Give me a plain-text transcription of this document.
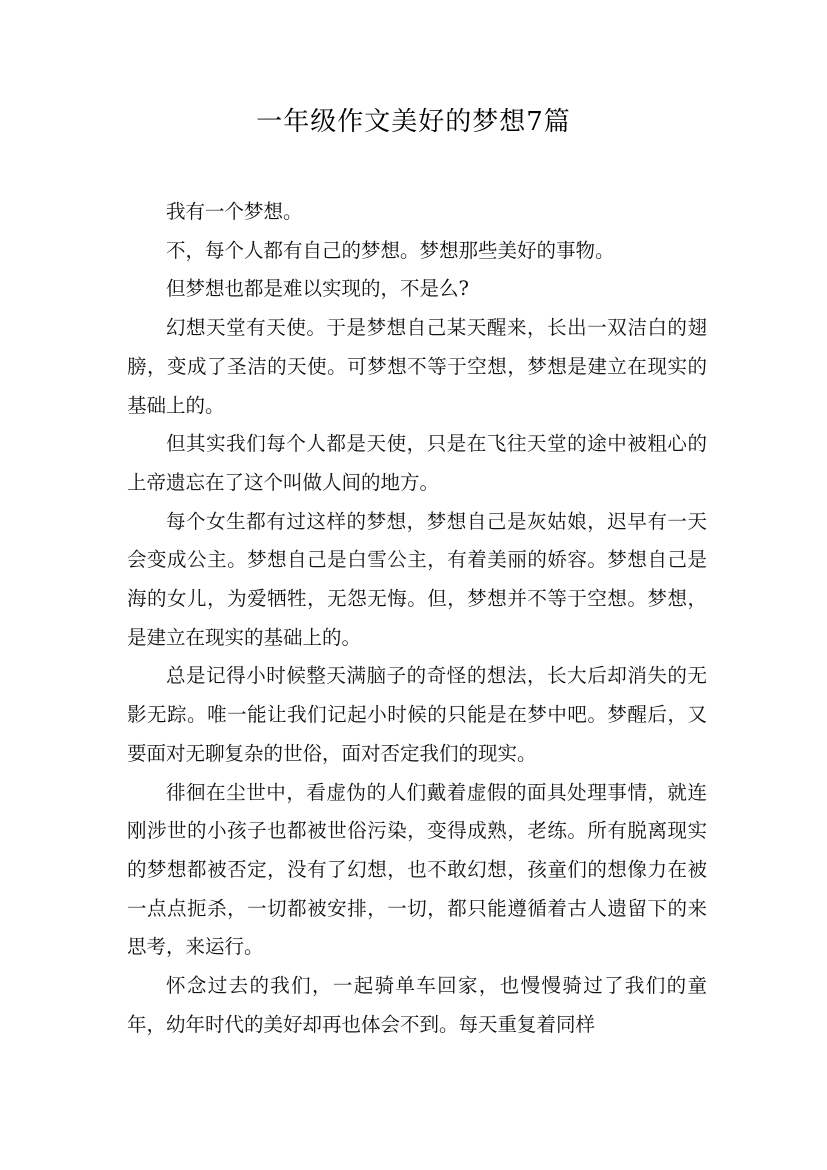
一年级作文美好的梦想7篇

我有一个梦想。

不，每个人都有自己的梦想。梦想那些美好的事物。

但梦想也都是难以实现的，不是么?

幻想天堂有天使。于是梦想自己某天醒来，长出一双洁白的翅膀，变成了圣洁的天使。可梦想不等于空想，梦想是建立在现实的基础上的。

但其实我们每个人都是天使，只是在飞往天堂的途中被粗心的上帝遗忘在了这个叫做人间的地方。

每个女生都有过这样的梦想，梦想自己是灰姑娘，迟早有一天会变成公主。梦想自己是白雪公主，有着美丽的娇容。梦想自己是海的女儿，为爱牺牲，无怨无悔。但，梦想并不等于空想。梦想，是建立在现实的基础上的。

总是记得小时候整天满脑子的奇怪的想法，长大后却消失的无影无踪。唯一能让我们记起小时候的只能是在梦中吧。梦醒后，又要面对无聊复杂的世俗，面对否定我们的现实。

徘徊在尘世中，看虚伪的人们戴着虚假的面具处理事情，就连刚涉世的小孩子也都被世俗污染，变得成熟，老练。所有脱离现实的梦想都被否定，没有了幻想，也不敢幻想，孩童们的想像力在被一点点扼杀，一切都被安排，一切，都只能遵循着古人遗留下的来思考，来运行。

怀念过去的我们，一起骑单车回家，也慢慢骑过了我们的童年，幼年时代的美好却再也体会不到。每天重复着同样
